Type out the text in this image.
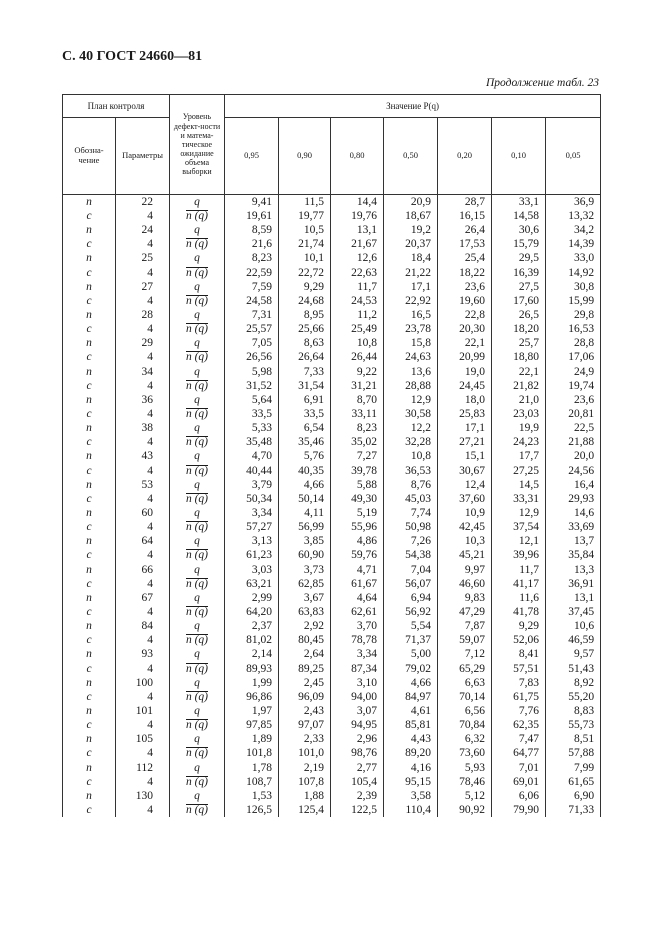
С. 40 ГОСТ 24660—81
Продолжение табл. 23
План контроля		Уровень дефект-ности и матема-тическое ожидание объема выборки	Значение P(q)						
Обозна-чение	Параметры		0,95	0,90	0,80	0,50	0,20	0,10	0,05
n	22	q	9,41	11,5	14,4	20,9	28,7	33,1	36,9
c	4	n (q)	19,61	19,77	19,76	18,67	16,15	14,58	13,32
n	24	q	8,59	10,5	13,1	19,2	26,4	30,6	34,2
c	4	n (q)	21,6	21,74	21,67	20,37	17,53	15,79	14,39
n	25	q	8,23	10,1	12,6	18,4	25,4	29,5	33,0
c	4	n (q)	22,59	22,72	22,63	21,22	18,22	16,39	14,92
n	27	q	7,59	9,29	11,7	17,1	23,6	27,5	30,8
c	4	n (q)	24,58	24,68	24,53	22,92	19,60	17,60	15,99
n	28	q	7,31	8,95	11,2	16,5	22,8	26,5	29,8
c	4	n (q)	25,57	25,66	25,49	23,78	20,30	18,20	16,53
n	29	q	7,05	8,63	10,8	15,8	22,1	25,7	28,8
c	4	n (q)	26,56	26,64	26,44	24,63	20,99	18,80	17,06
n	34	q	5,98	7,33	9,22	13,6	19,0	22,1	24,9
c	4	n (q)	31,52	31,54	31,21	28,88	24,45	21,82	19,74
n	36	q	5,64	6,91	8,70	12,9	18,0	21,0	23,6
c	4	n (q)	33,5	33,5	33,11	30,58	25,83	23,03	20,81
n	38	q	5,33	6,54	8,23	12,2	17,1	19,9	22,5
c	4	n (q)	35,48	35,46	35,02	32,28	27,21	24,23	21,88
n	43	q	4,70	5,76	7,27	10,8	15,1	17,7	20,0
c	4	n (q)	40,44	40,35	39,78	36,53	30,67	27,25	24,56
n	53	q	3,79	4,66	5,88	8,76	12,4	14,5	16,4
c	4	n (q)	50,34	50,14	49,30	45,03	37,60	33,31	29,93
n	60	q	3,34	4,11	5,19	7,74	10,9	12,9	14,6
c	4	n (q)	57,27	56,99	55,96	50,98	42,45	37,54	33,69
n	64	q	3,13	3,85	4,86	7,26	10,3	12,1	13,7
c	4	n (q)	61,23	60,90	59,76	54,38	45,21	39,96	35,84
n	66	q	3,03	3,73	4,71	7,04	9,97	11,7	13,3
c	4	n (q)	63,21	62,85	61,67	56,07	46,60	41,17	36,91
n	67	q	2,99	3,67	4,64	6,94	9,83	11,6	13,1
c	4	n (q)	64,20	63,83	62,61	56,92	47,29	41,78	37,45
n	84	q	2,37	2,92	3,70	5,54	7,87	9,29	10,6
c	4	n (q)	81,02	80,45	78,78	71,37	59,07	52,06	46,59
n	93	q	2,14	2,64	3,34	5,00	7,12	8,41	9,57
c	4	n (q)	89,93	89,25	87,34	79,02	65,29	57,51	51,43
n	100	q	1,99	2,45	3,10	4,66	6,63	7,83	8,92
c	4	n (q)	96,86	96,09	94,00	84,97	70,14	61,75	55,20
n	101	q	1,97	2,43	3,07	4,61	6,56	7,76	8,83
c	4	n (q)	97,85	97,07	94,95	85,81	70,84	62,35	55,73
n	105	q	1,89	2,33	2,96	4,43	6,32	7,47	8,51
c	4	n (q)	101,8	101,0	98,76	89,20	73,60	64,77	57,88
n	112	q	1,78	2,19	2,77	4,16	5,93	7,01	7,99
c	4	n (q)	108,7	107,8	105,4	95,15	78,46	69,01	61,65
n	130	q	1,53	1,88	2,39	3,58	5,12	6,06	6,90
c	4	n (q)	126,5	125,4	122,5	110,4	90,92	79,90	71,33
